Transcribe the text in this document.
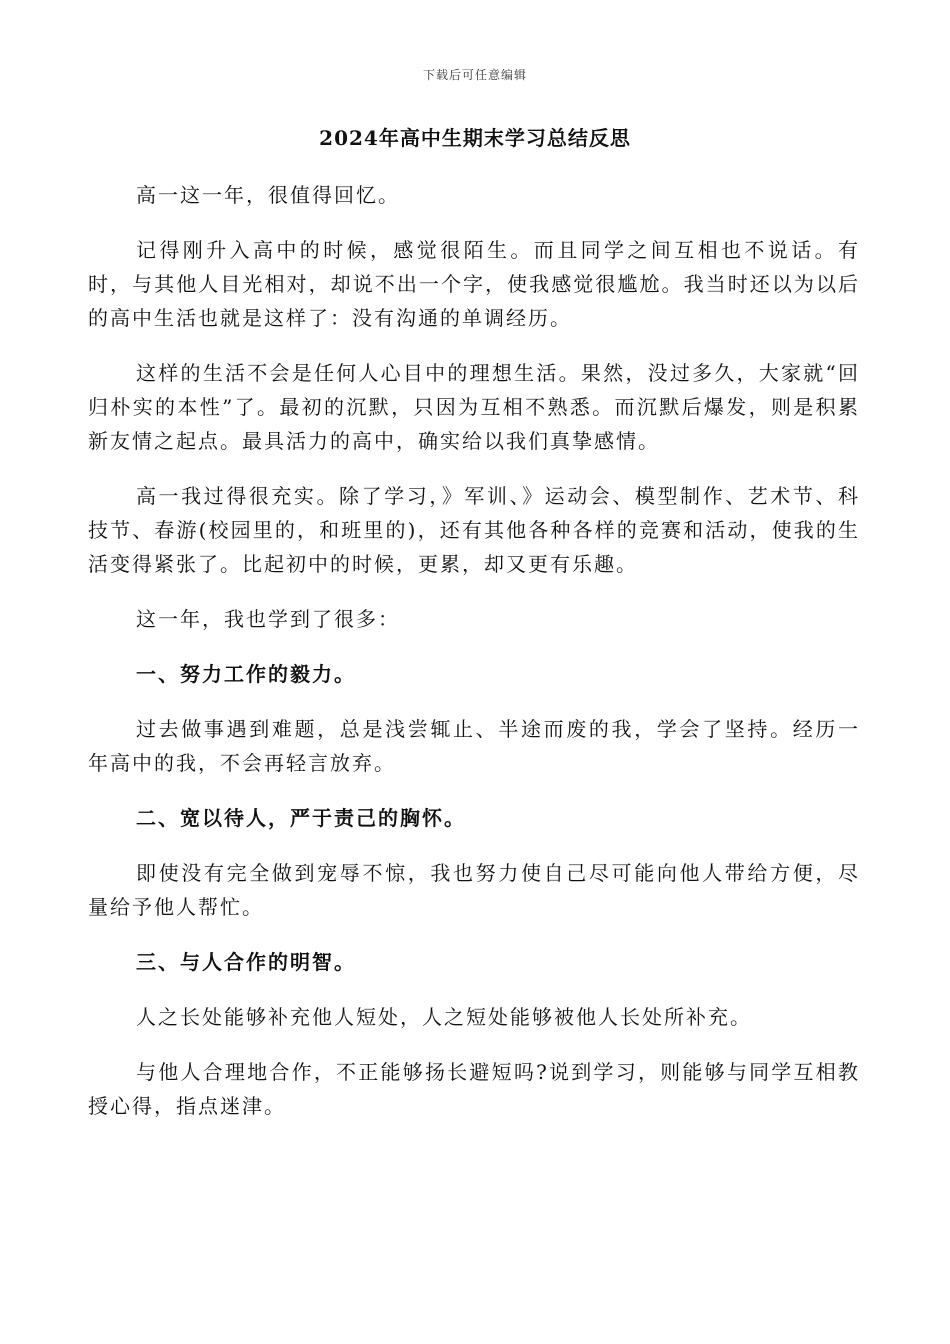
下载后可任意编辑
2024年高中生期末学习总结反思

高一这一年，很值得回忆。

记得刚升入高中的时候，感觉很陌生。而且同学之间互相也不说话。有时，与其他人目光相对，却说不出一个字，使我感觉很尴尬。我当时还以为以后的高中生活也就是这样了：没有沟通的单调经历。

这样的生活不会是任何人心目中的理想生活。果然，没过多久，大家就“回归朴实的本性”了。最初的沉默，只因为互相不熟悉。而沉默后爆发，则是积累新友情之起点。最具活力的高中，确实给以我们真挚感情。

高一我过得很充实。除了学习，》军训、》运动会、模型制作、艺术节、科技节、春游(校园里的，和班里的)，还有其他各种各样的竞赛和活动，使我的生活变得紧张了。比起初中的时候，更累，却又更有乐趣。

这一年，我也学到了很多：

一、努力工作的毅力。

过去做事遇到难题，总是浅尝辄止、半途而废的我，学会了坚持。经历一年高中的我，不会再轻言放弃。

二、宽以待人，严于责己的胸怀。

即使没有完全做到宠辱不惊，我也努力使自己尽可能向他人带给方便，尽量给予他人帮忙。

三、与人合作的明智。

人之长处能够补充他人短处，人之短处能够被他人长处所补充。

与他人合理地合作，不正能够扬长避短吗?说到学习，则能够与同学互相教授心得，指点迷津。
